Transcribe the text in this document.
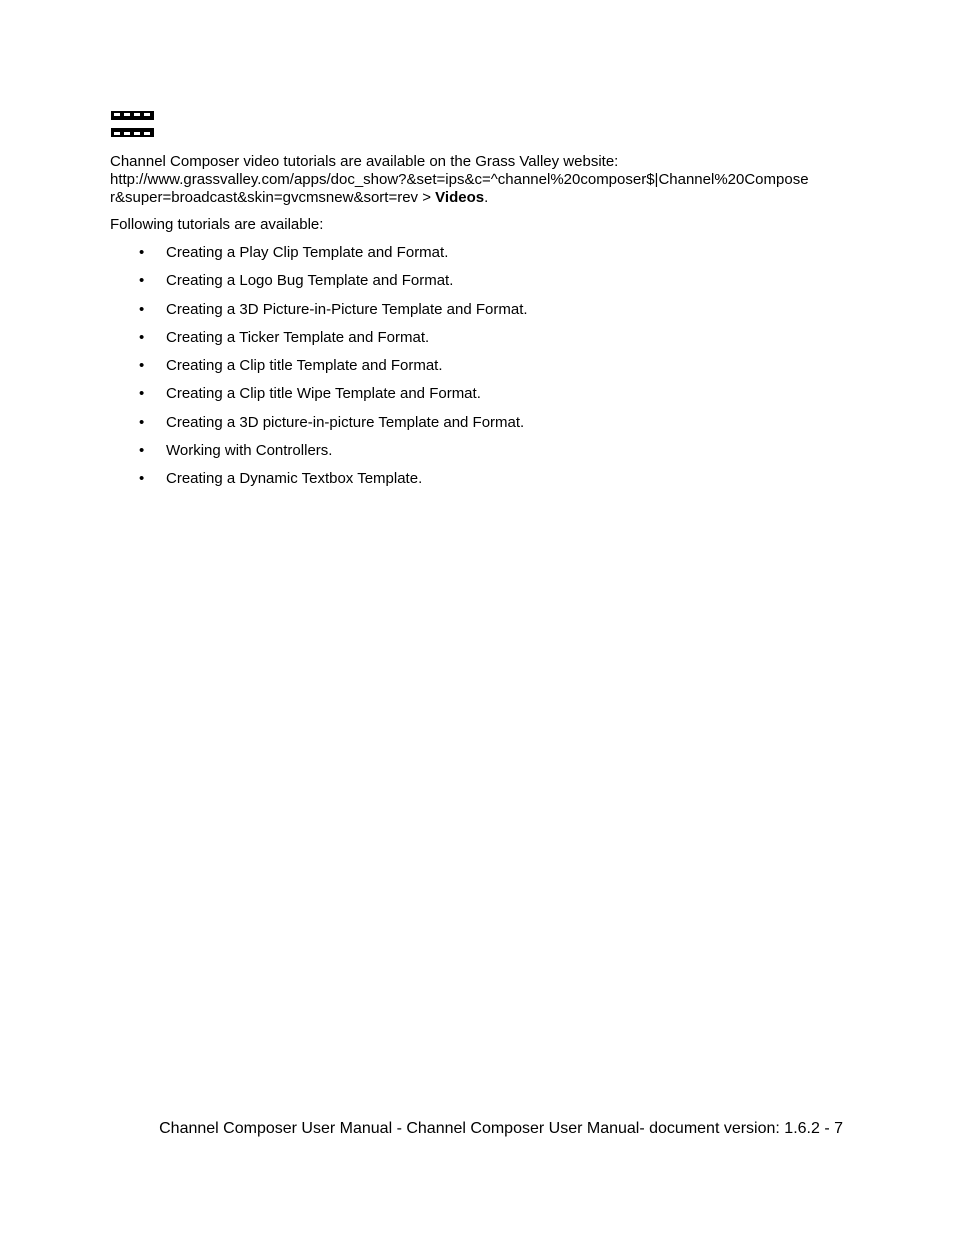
Channel Composer video tutorials are available on the Grass Valley website:
http://www.grassvalley.com/apps/doc_show?&set=ips&c=^channel%20composer$|Channel%20Compose
r&super=broadcast&skin=gvcmsnew&sort=rev > Videos.
Following tutorials are available:
• Creating a Play Clip Template and Format.
• Creating a Logo Bug Template and Format.
• Creating a 3D Picture-in-Picture Template and Format.
• Creating a Ticker Template and Format.
• Creating a Clip title Template and Format.
• Creating a Clip title Wipe Template and Format.
• Creating a 3D picture-in-picture Template and Format.
• Working with Controllers.
• Creating a Dynamic Textbox Template.
Channel Composer User Manual - Channel Composer User Manual- document version: 1.6.2 - 7
